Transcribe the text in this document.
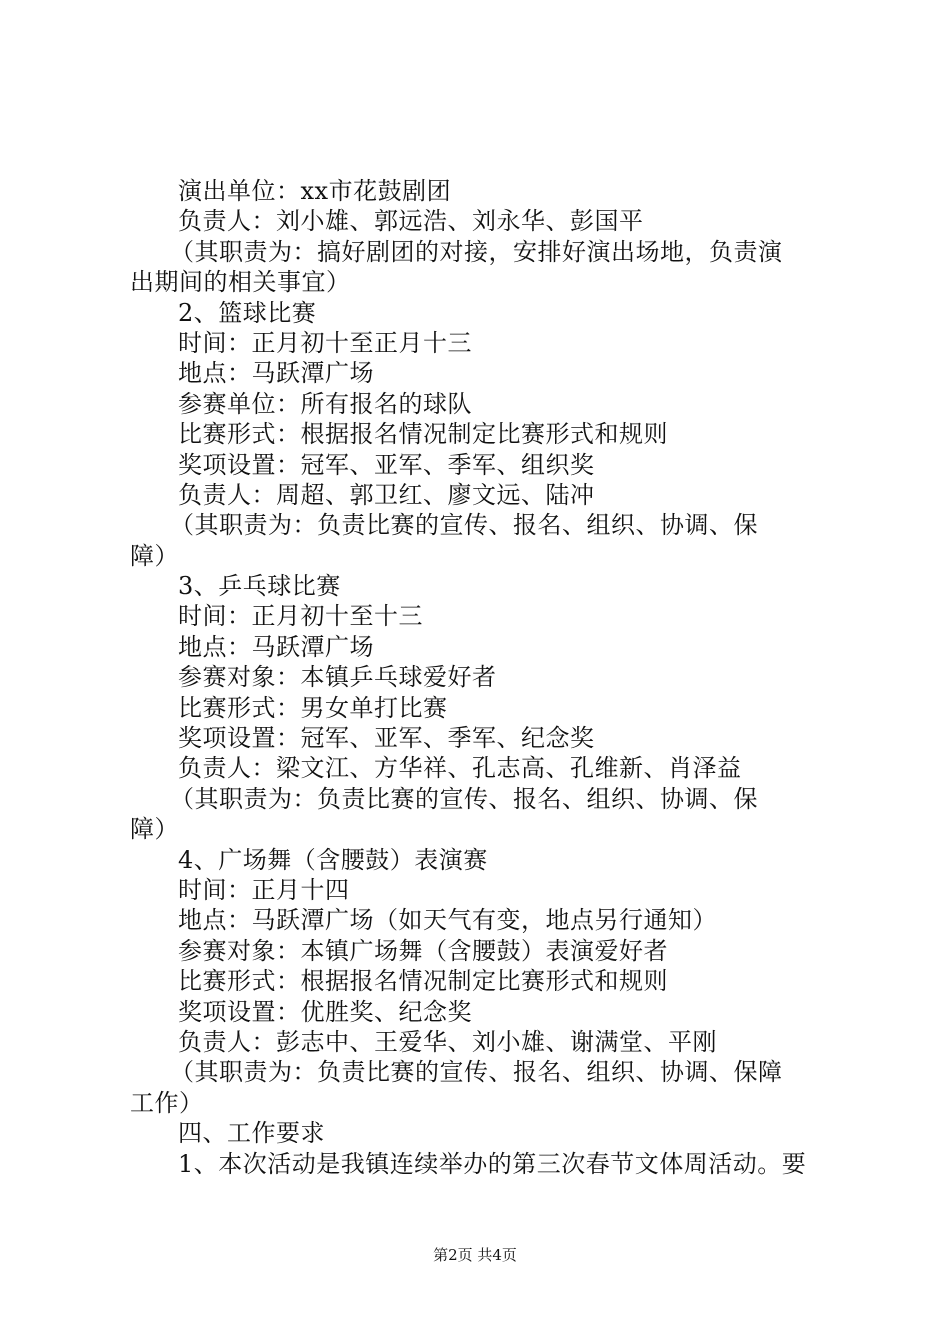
演出单位：xx市花鼓剧团
负责人：刘小雄、郭远浩、刘永华、彭国平
（其职责为：搞好剧团的对接，安排好演出场地，负责演
出期间的相关事宜）
2、篮球比赛
时间：正月初十至正月十三
地点：马跃潭广场
参赛单位：所有报名的球队
比赛形式：根据报名情况制定比赛形式和规则
奖项设置：冠军、亚军、季军、组织奖
负责人：周超、郭卫红、廖文远、陆冲
（其职责为：负责比赛的宣传、报名、组织、协调、保
障）
3、乒乓球比赛
时间：正月初十至十三
地点：马跃潭广场
参赛对象：本镇乒乓球爱好者
比赛形式：男女单打比赛
奖项设置：冠军、亚军、季军、纪念奖
负责人：梁文江、方华祥、孔志高、孔维新、肖泽益
（其职责为：负责比赛的宣传、报名、组织、协调、保
障）
4、广场舞（含腰鼓）表演赛
时间：正月十四
地点：马跃潭广场（如天气有变，地点另行通知）
参赛对象：本镇广场舞（含腰鼓）表演爱好者
比赛形式：根据报名情况制定比赛形式和规则
奖项设置：优胜奖、纪念奖
负责人：彭志中、王爱华、刘小雄、谢满堂、平刚
（其职责为：负责比赛的宣传、报名、组织、协调、保障
工作）
四、工作要求
1、本次活动是我镇连续举办的第三次春节文体周活动。要
第2页 共4页
